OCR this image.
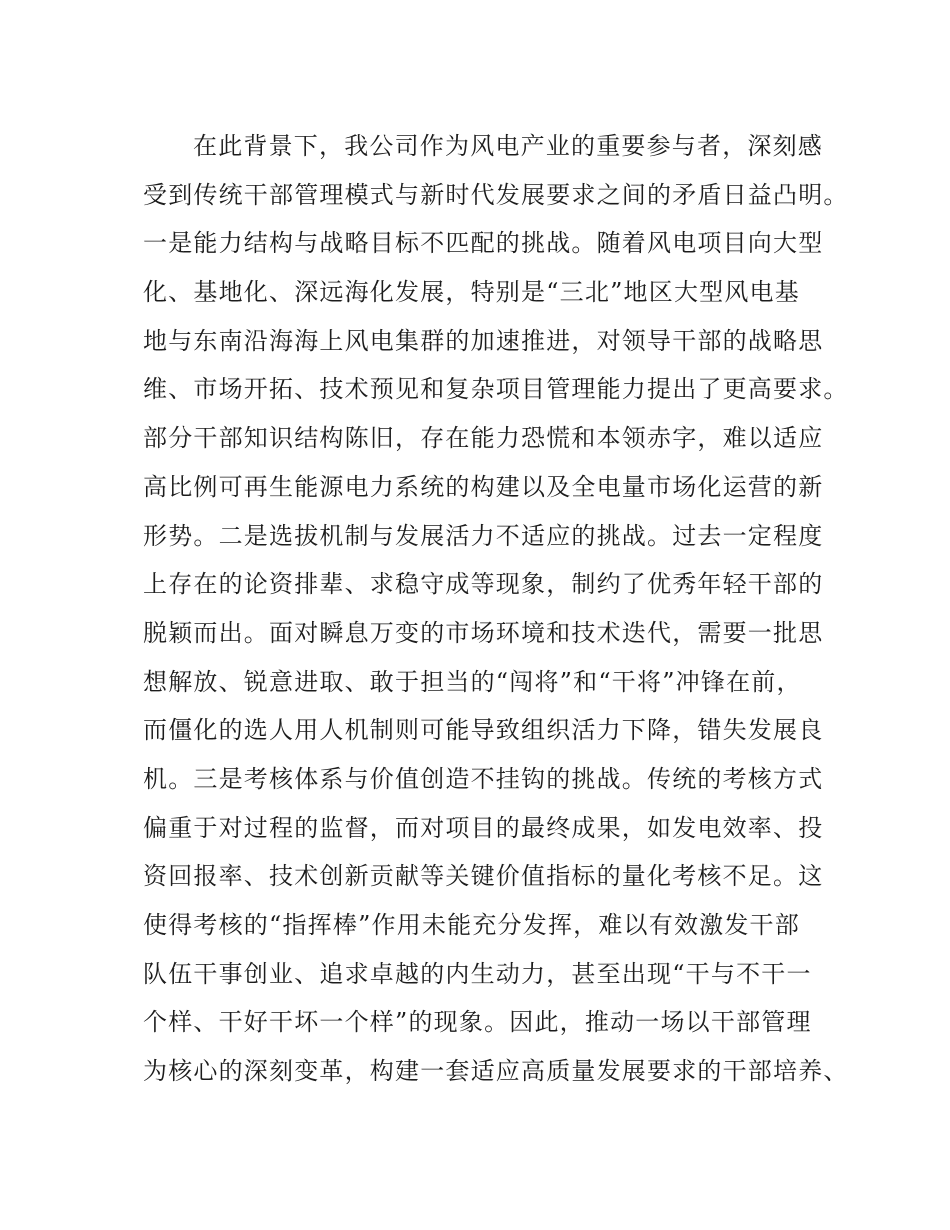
在此背景下，我公司作为风电产业的重要参与者，深刻感
受到传统干部管理模式与新时代发展要求之间的矛盾日益凸明。
一是能力结构与战略目标不匹配的挑战。随着风电项目向大型
化、基地化、深远海化发展，特别是“三北”地区大型风电基
地与东南沿海海上风电集群的加速推进，对领导干部的战略思
维、市场开拓、技术预见和复杂项目管理能力提出了更高要求。
部分干部知识结构陈旧，存在能力恐慌和本领赤字，难以适应
高比例可再生能源电力系统的构建以及全电量市场化运营的新
形势。二是选拔机制与发展活力不适应的挑战。过去一定程度
上存在的论资排辈、求稳守成等现象，制约了优秀年轻干部的
脱颖而出。面对瞬息万变的市场环境和技术迭代，需要一批思
想解放、锐意进取、敢于担当的“闯将”和“干将”冲锋在前，
而僵化的选人用人机制则可能导致组织活力下降，错失发展良
机。三是考核体系与价值创造不挂钩的挑战。传统的考核方式
偏重于对过程的监督，而对项目的最终成果，如发电效率、投
资回报率、技术创新贡献等关键价值指标的量化考核不足。这
使得考核的“指挥棒”作用未能充分发挥，难以有效激发干部
队伍干事创业、追求卓越的内生动力，甚至出现“干与不干一
个样、干好干坏一个样”的现象。因此，推动一场以干部管理
为核心的深刻变革，构建一套适应高质量发展要求的干部培养、
